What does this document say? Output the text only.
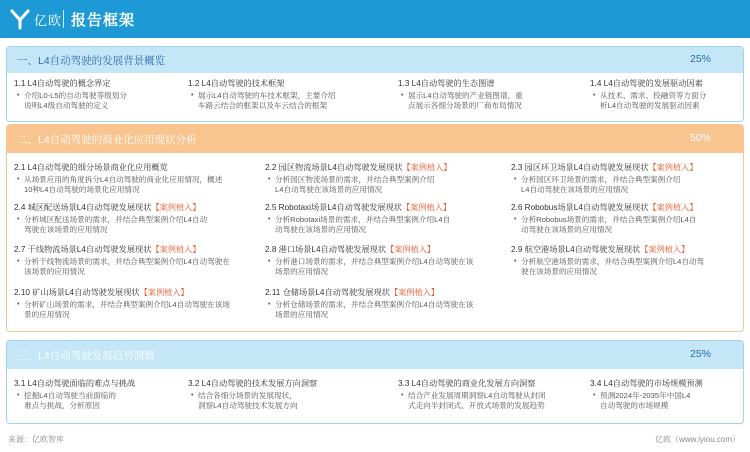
亿欧 报告框架
一、L4自动驾驶的发展背景概览	25%
1.1 L4自动驾驶的概念界定
• 介绍L0-L5的自动驾驶等级划分
说明L4级自动驾驶的定义
1.2 L4自动驾驶的技术框架
• 展示L4自动驾驶的车技术框架，主要介绍
车路云结合的框架以及车云结合的框架
1.3 L4自动驾驶的生态图谱
• 展示L4自动驾驶的产业链图谱，重
点展示各细分场景的厂商布局情况
1.4 L4自动驾驶的发展驱动因素
• 从技术、需求、投融资等方面分
析L4自动驾驶的发展驱动因素
二、L4自动驾驶的商业化应用现状分析	50%
2.1 L4自动驾驶的细分场景商业化应用概览
• 从场景应用的角度拆分L4自动驾驶的商业化应用情况，概述
10种L4自动驾驶的场景化应用情况
2.2 园区物流场景L4自动驾驶发展现状【案例植入】
• 分析园区物流场景的需求，并结合典型案例介绍
L4自动驾驶在该场景的应用情况
2.3 园区环卫场景L4自动驾驶发展现状【案例植入】
• 分析园区环卫场景的需求，并结合典型案例介绍
L4自动驾驶在该场景的应用情况
2.4 城区配送场景L4自动驾驶发展现状【案例植入】
• 分析城区配送场景的需求，并结合典型案例介绍L4自动
驾驶在该场景的应用情况
2.5 Robotaxi场景L4自动驾驶发展现状【案例植入】
• 分析Robotaxi场景的需求，并结合典型案例介绍L4自
动驾驶在该场景的应用情况
2.6 Robobus场景L4自动驾驶发展现状【案例植入】
• 分析Robobus场景的需求，并结合典型案例介绍L4自
动驾驶在该场景的应用情况
2.7 干线物流场景L4自动驾驶发展现状【案例植入】
• 分析干线物流场景的需求，并结合典型案例介绍L4自动驾驶在
该场景的应用情况
2.8 港口场景L4自动驾驶发展现状【案例植入】
• 分析港口场景的需求，并结合典型案例介绍L4自动驾驶在该
场景的应用情况
2.9 航空港场景L4自动驾驶发展现状【案例植入】
• 分析航空港场景的需求，并结合典型案例介绍L4自动驾
驶在该场景的应用情况
2.10 矿山场景L4自动驾驶发展现状【案例植入】
• 分析矿山场景的需求，并结合典型案例介绍L4自动驾驶在该场
景的应用情况
2.11 仓储场景L4自动驾驶发展现状【案例植入】
• 分析仓储场景的需求，并结合典型案例介绍L4自动驾驶在该
场景的应用情况
三、L4自动驾驶发展趋势洞察	25%
3.1 L4自动驾驶面临的难点与挑战
• 挖掘L4自动驾驶当前面临的
难点与挑战，分析原因
3.2 L4自动驾驶的技术发展方向洞察
• 结合各细分场景的发展现状，
洞察L4自动驾驶技术发展方向
3.3 L4自动驾驶的商业化发展方向洞察
• 结合产业发展周期洞察L4自动驾驶从封闭
式走向半封闭式、开放式场景的发展趋势
3.4 L4自动驾驶的市场规模预测
• 预测2024年-2035年中国L4
自动驾驶的市场规模
来源：亿欧智库	亿欧（www.iyiou.com）
